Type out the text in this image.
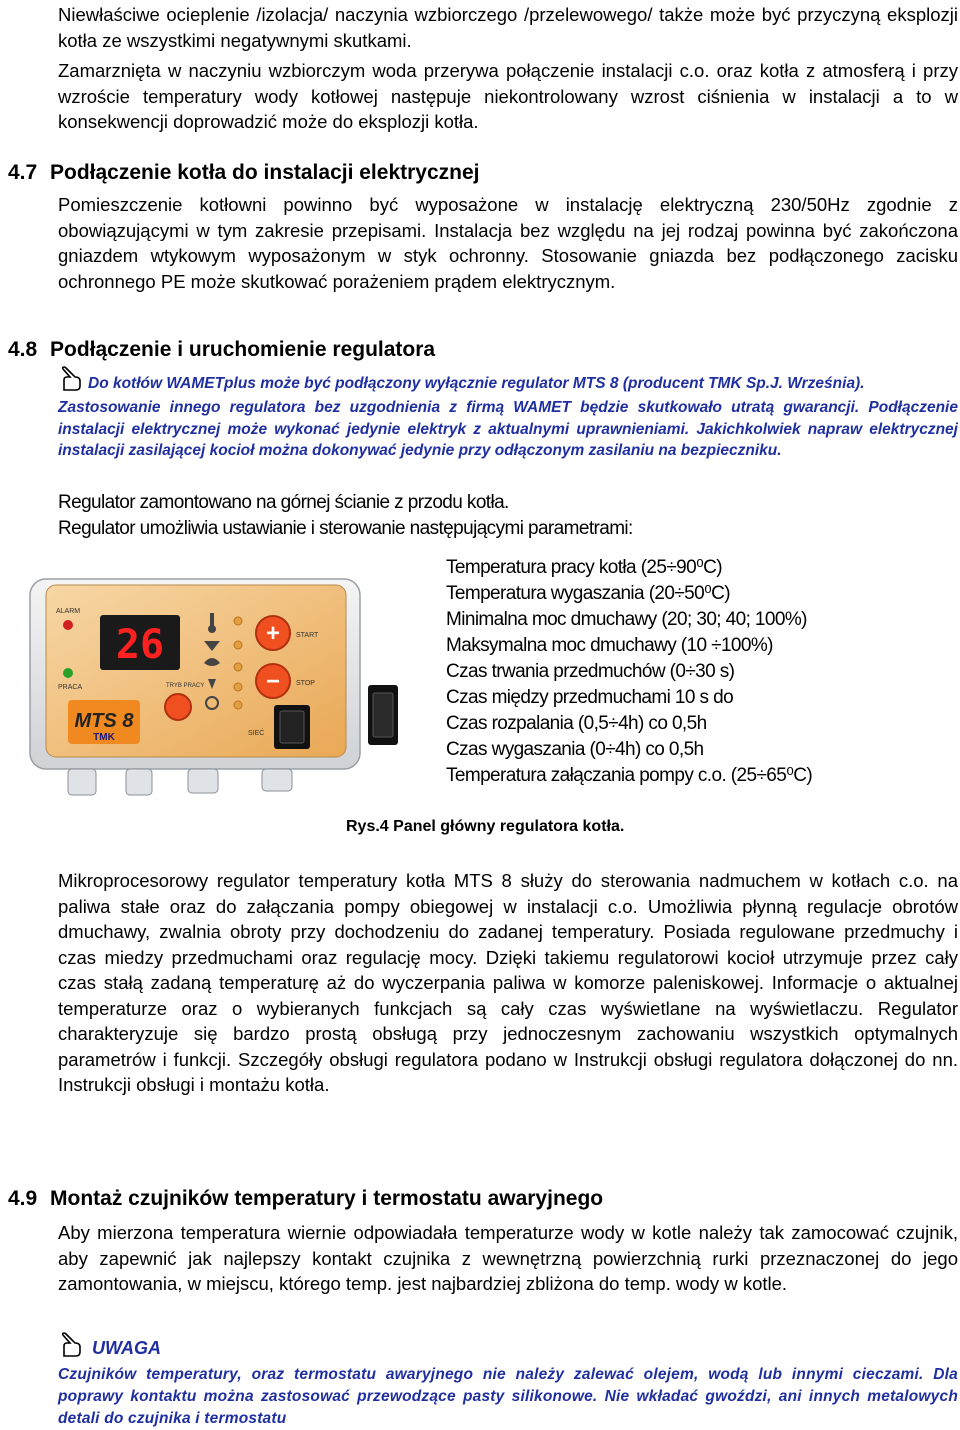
Niewłaściwe ocieplenie /izolacja/ naczynia wzbiorczego /przelewowego/ także może być przyczyną eksplozji kotła ze wszystkimi negatywnymi skutkami.

Zamarznięta w naczyniu wzbiorczym woda przerywa połączenie instalacji c.o. oraz kotła z atmosferą i przy wzroście temperatury wody kotłowej następuje niekontrolowany wzrost ciśnienia w instalacji a to w konsekwencji doprowadzić może do eksplozji kotła.

4.7 Podłączenie kotła do instalacji elektrycznej

Pomieszczenie kotłowni powinno być wyposażone w instalację elektryczną 230/50Hz zgodnie z obowiązującymi w tym zakresie przepisami. Instalacja bez względu na jej rodzaj powinna być zakończona gniazdem wtykowym wyposażonym w styk ochronny. Stosowanie gniazda bez podłączonego zacisku ochronnego PE może skutkować porażeniem prądem elektrycznym.

4.8 Podłączenie i uruchomienie regulatora
Do kotłów WAMETplus może być podłączony wyłącznie regulator MTS 8 (producent TMK Sp.J. Września).
Zastosowanie innego regulatora bez uzgodnienia z firmą WAMET będzie skutkowało utratą gwarancji. Podłączenie instalacji elektrycznej może wykonać jedynie elektryk z aktualnymi uprawnieniami. Jakichkolwiek napraw elektrycznej instalacji zasilającej kocioł można dokonywać jedynie przy odłączonym zasilaniu na bezpieczniku.
Regulator zamontowano na górnej ścianie z przodu kotła.
Regulator umożliwia ustawianie i sterowanie następującymi parametrami:
26
ALARM
PRACA
+ START
− STOP
TRYB PRACY
SIEĆ
MTS 8
TMK
Temperatura pracy kotła (25÷90⁰C)
Temperatura wygaszania (20÷50⁰C)
Minimalna moc dmuchawy (20; 30; 40; 100%)
Maksymalna moc dmuchawy (10 ÷100%)
Czas trwania przedmuchów (0÷30 s)
Czas między przedmuchami 10 s do
Czas rozpalania (0,5÷4h) co 0,5h
Czas wygaszania (0÷4h) co 0,5h
Temperatura załączania pompy c.o. (25÷65⁰C)
Rys.4 Panel główny regulatora kotła.

Mikroprocesorowy regulator temperatury kotła MTS 8 służy do sterowania nadmuchem w kotłach c.o. na paliwa stałe oraz do załączania pompy obiegowej w instalacji c.o. Umożliwia płynną regulacje obrotów dmuchawy, zwalnia obroty przy dochodzeniu do zadanej temperatury. Posiada regulowane przedmuchy i czas miedzy przedmuchami oraz regulację mocy. Dzięki takiemu regulatorowi kocioł utrzymuje przez cały czas stałą zadaną temperaturę aż do wyczerpania paliwa w komorze paleniskowej. Informacje o aktualnej temperaturze oraz o wybieranych funkcjach są cały czas wyświetlane na wyświetlaczu. Regulator charakteryzuje się bardzo prostą obsługą przy jednoczesnym zachowaniu wszystkich optymalnych parametrów i funkcji. Szczegóły obsługi regulatora podano w Instrukcji obsługi regulatora dołączonej do nn. Instrukcji obsługi i montażu kotła.

4.9 Montaż czujników temperatury i termostatu awaryjnego

Aby mierzona temperatura wiernie odpowiadała temperaturze wody w kotle należy tak zamocować czujnik, aby zapewnić jak najlepszy kontakt czujnika z wewnętrzną powierzchnią rurki przeznaczonej do jego zamontowania, w miejscu, którego temp. jest najbardziej zbliżona do temp. wody w kotle.

UWAGA

Czujników temperatury, oraz termostatu awaryjnego nie należy zalewać olejem, wodą lub innymi cieczami. Dla poprawy kontaktu można zastosować przewodzące pasty silikonowe. Nie wkładać gwoździ, ani innych metalowych detali do czujnika i termostatu
